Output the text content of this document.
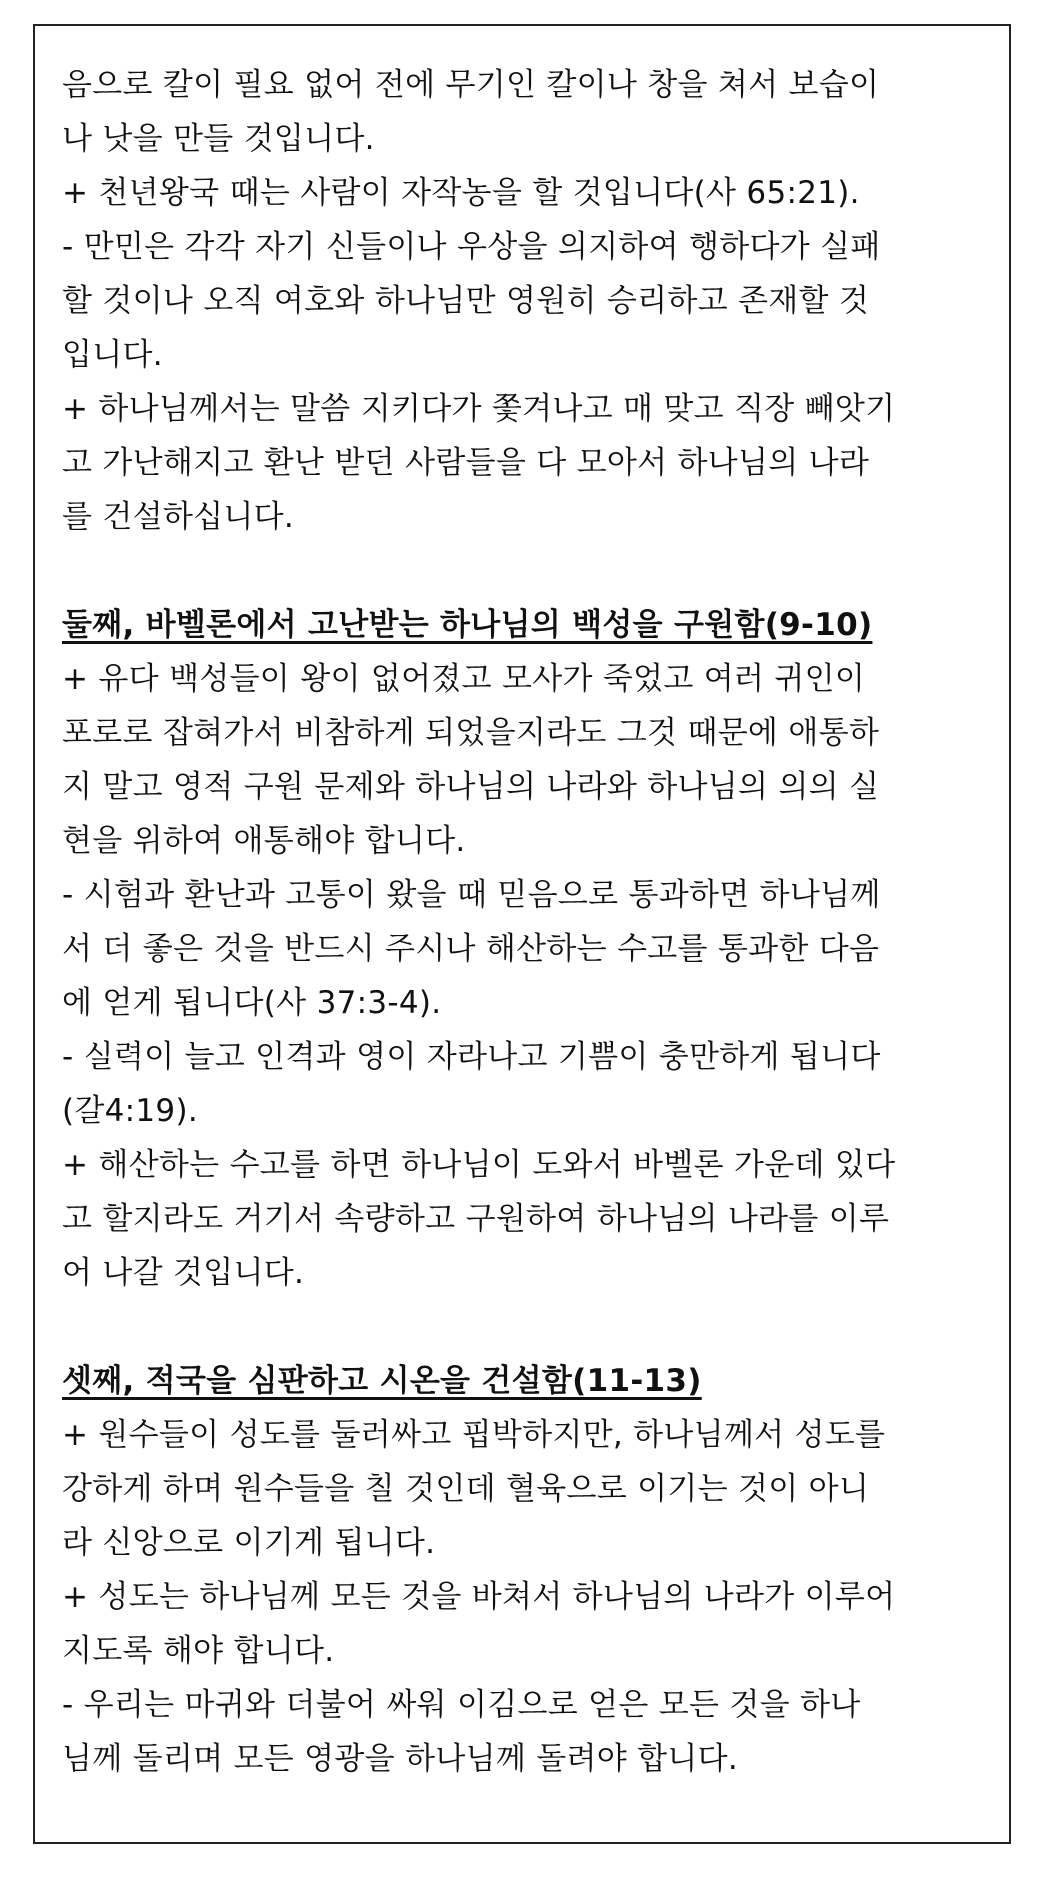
음으로 칼이 필요 없어 전에 무기인 칼이나 창을 쳐서 보습이
나 낫을 만들 것입니다.
+ 천년왕국 때는 사람이 자작농을 할 것입니다(사 65:21).
- 만민은 각각 자기 신들이나 우상을 의지하여 행하다가 실패
할 것이나 오직 여호와 하나님만 영원히 승리하고 존재할 것
입니다.
+ 하나님께서는 말씀 지키다가 쫓겨나고 매 맞고 직장 빼앗기
고 가난해지고 환난 받던 사람들을 다 모아서 하나님의 나라
를 건설하십니다.
둘째, 바벨론에서 고난받는 하나님의 백성을 구원함(9-10)
+ 유다 백성들이 왕이 없어졌고 모사가 죽었고 여러 귀인이
포로로 잡혀가서 비참하게 되었을지라도 그것 때문에 애통하
지 말고 영적 구원 문제와 하나님의 나라와 하나님의 의의 실
현을 위하여 애통해야 합니다.
- 시험과 환난과 고통이 왔을 때 믿음으로 통과하면 하나님께
서 더 좋은 것을 반드시 주시나 해산하는 수고를 통과한 다음
에 얻게 됩니다(사 37:3-4).
- 실력이 늘고 인격과 영이 자라나고 기쁨이 충만하게 됩니다
(갈4:19).
+ 해산하는 수고를 하면 하나님이 도와서 바벨론 가운데 있다
고 할지라도 거기서 속량하고 구원하여 하나님의 나라를 이루
어 나갈 것입니다.
셋째, 적국을 심판하고 시온을 건설함(11-13)
+ 원수들이 성도를 둘러싸고 핍박하지만, 하나님께서 성도를
강하게 하며 원수들을 칠 것인데 혈육으로 이기는 것이 아니
라 신앙으로 이기게 됩니다.
+ 성도는 하나님께 모든 것을 바쳐서 하나님의 나라가 이루어
지도록 해야 합니다.
- 우리는 마귀와 더불어 싸워 이김으로 얻은 모든 것을 하나
님께 돌리며 모든 영광을 하나님께 돌려야 합니다.
